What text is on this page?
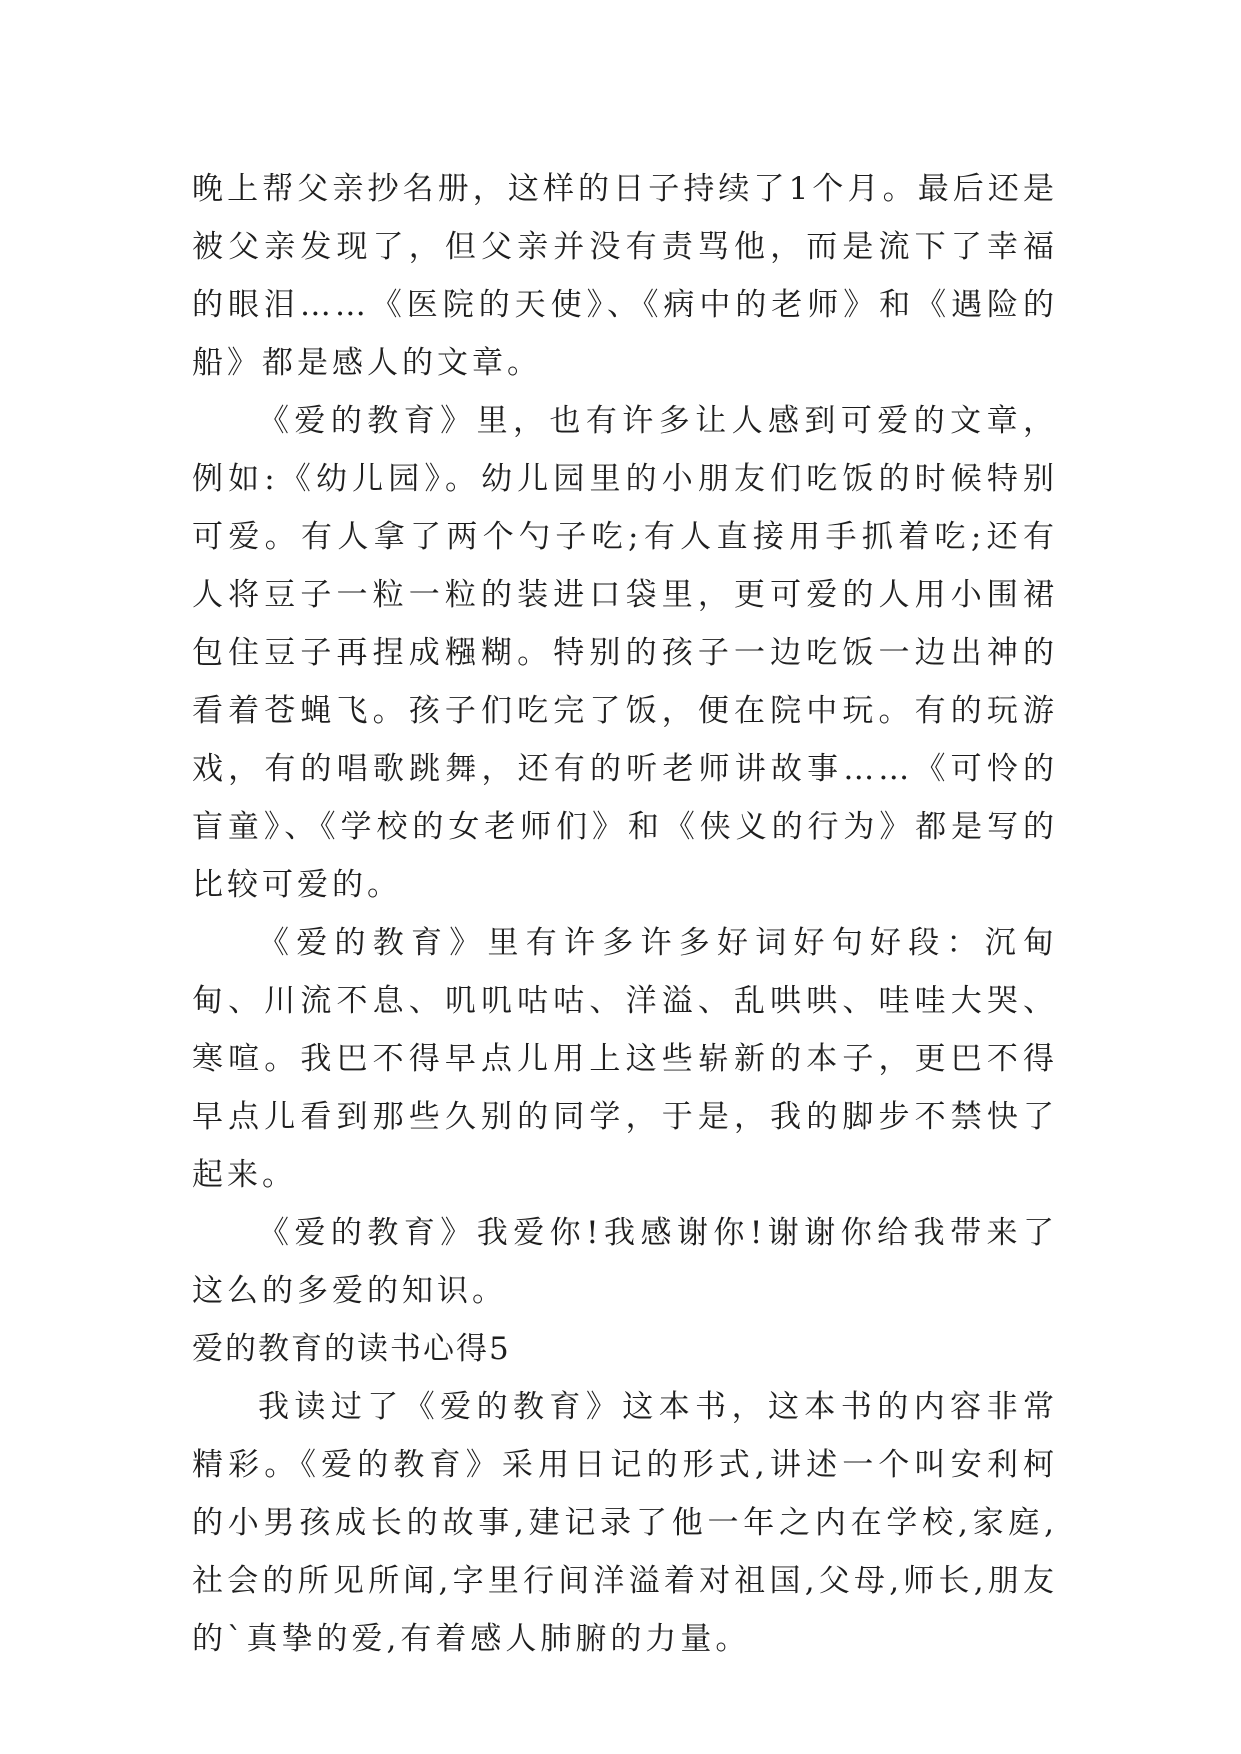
晚上帮父亲抄名册，这样的日子持续了1个月。最后还是被父亲发现了，但父亲并没有责骂他，而是流下了幸福的眼泪……《医院的天使》、《病中的老师》和《遇险的船》都是感人的文章。

《爱的教育》里，也有许多让人感到可爱的文章，例如:《幼儿园》。幼儿园里的小朋友们吃饭的时候特别可爱。有人拿了两个勺子吃;有人直接用手抓着吃;还有人将豆子一粒一粒的装进口袋里，更可爱的人用小围裙包住豆子再捏成糨糊。特别的孩子一边吃饭一边出神的看着苍蝇飞。孩子们吃完了饭，便在院中玩。有的玩游戏，有的唱歌跳舞，还有的听老师讲故事……《可怜的盲童》、《学校的女老师们》和《侠义的行为》都是写的比较可爱的。

《爱的教育》里有许多许多好词好句好段：沉甸甸、川流不息、叽叽咕咕、洋溢、乱哄哄、哇哇大哭、寒喧。我巴不得早点儿用上这些崭新的本子，更巴不得早点儿看到那些久别的同学，于是，我的脚步不禁快了起来。

《爱的教育》我爱你!我感谢你!谢谢你给我带来了这么的多爱的知识。

爱的教育的读书心得5

我读过了《爱的教育》这本书，这本书的内容非常精彩。《爱的教育》采用日记的形式,讲述一个叫安利柯的小男孩成长的故事,建记录了他一年之内在学校,家庭,社会的所见所闻,字里行间洋溢着对祖国,父母,师长,朋友的`真挚的爱,有着感人肺腑的力量。
